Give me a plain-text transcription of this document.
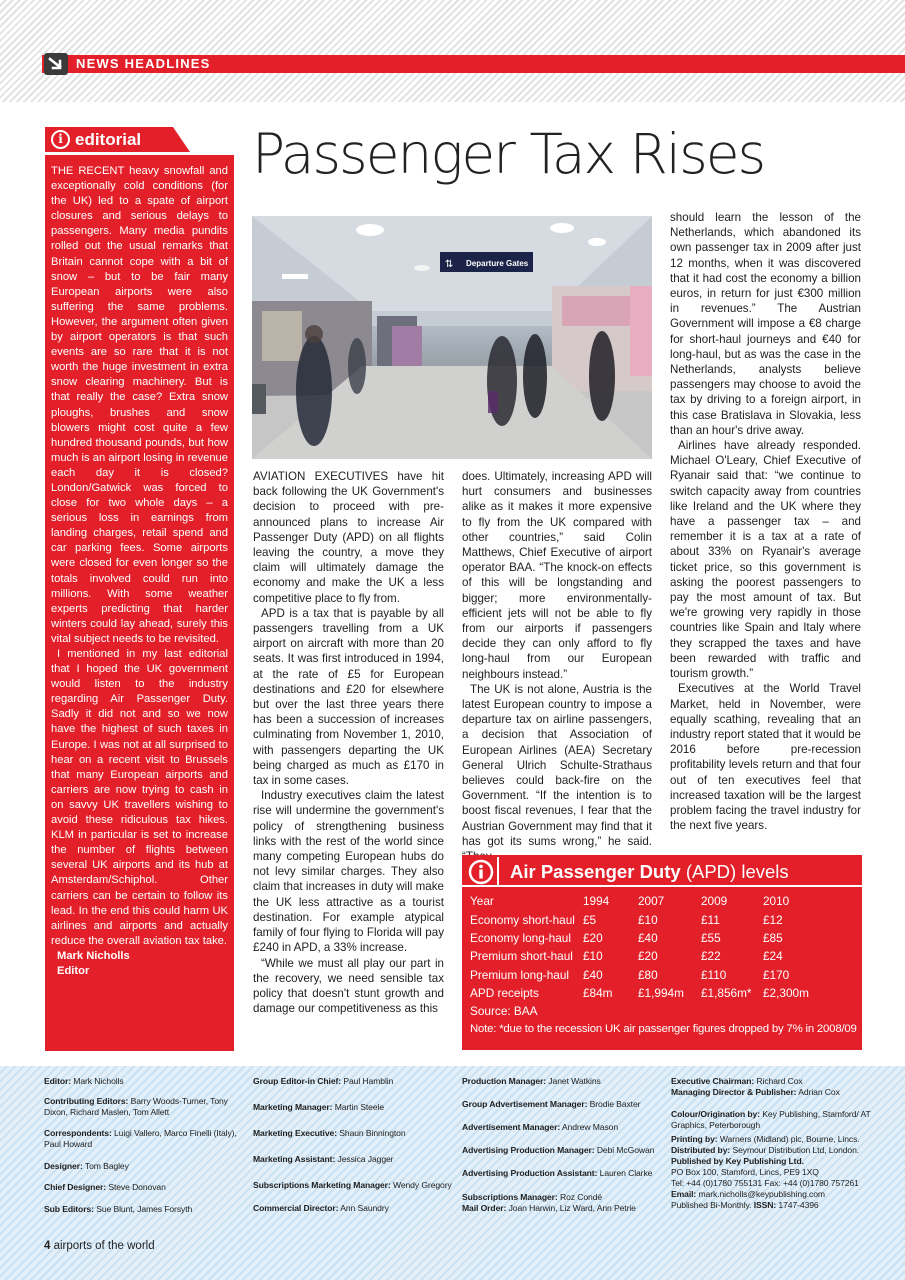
NEWS HEADLINES
i editorial

THE RECENT heavy snowfall and exceptionally cold conditions (for the UK) led to a spate of airport closures and serious delays to passengers. Many media pundits rolled out the usual remarks that Britain cannot cope with a bit of snow – but to be fair many European airports were also suffering the same problems. However, the argument often given by airport operators is that such events are so rare that it is not worth the huge investment in extra snow clearing machinery. But is that really the case? Extra snow ploughs, brushes and snow blowers might cost quite a few hundred thousand pounds, but how much is an airport losing in revenue each day it is closed? London/Gatwick was forced to close for two whole days – a serious loss in earnings from landing charges, retail spend and car parking fees. Some airports were closed for even longer so the totals involved could run into millions. With some weather experts predicting that harder winters could lay ahead, surely this vital subject needs to be revisited.

I mentioned in my last editorial that I hoped the UK government would listen to the industry regarding Air Passenger Duty. Sadly it did not and so we now have the highest of such taxes in Europe. I was not at all surprised to hear on a recent visit to Brussels that many European airports and carriers are now trying to cash in on savvy UK travellers wishing to avoid these ridiculous tax hikes. KLM in particular is set to increase the number of flights between several UK airports and its hub at Amsterdam/Schiphol. Other carriers can be certain to follow its lead. In the end this could harm UK airlines and airports and actually reduce the overall aviation tax take.

Mark Nicholls
Editor
Passenger Tax Rises
Departure Gates
⇅

AVIATION EXECUTIVES have hit back following the UK Government's decision to proceed with pre-announced plans to increase Air Passenger Duty (APD) on all flights leaving the country, a move they claim will ultimately damage the economy and make the UK a less competitive place to fly from.

APD is a tax that is payable by all passengers travelling from a UK airport on aircraft with more than 20 seats. It was first introduced in 1994, at the rate of £5 for European destinations and £20 for elsewhere but over the last three years there has been a succession of increases culminating from November 1, 2010, with passengers departing the UK being charged as much as £170 in tax in some cases.

Industry executives claim the latest rise will undermine the government's policy of strengthening business links with the rest of the world since many competing European hubs do not levy similar charges. They also claim that increases in duty will make the UK less attractive as a tourist destination. For example atypical family of four flying to Florida will pay £240 in APD, a 33% increase.

“While we must all play our part in the recovery, we need sensible tax policy that doesn't stunt growth and damage our competitiveness as this

does. Ultimately, increasing APD will hurt consumers and businesses alike as it makes it more expensive to fly from the UK compared with other countries,” said Colin Matthews, Chief Executive of airport operator BAA. “The knock-on effects of this will be longstanding and bigger; more environmentally-efficient jets will not be able to fly from our airports if passengers decide they can only afford to fly long-haul from our European neighbours instead.”

The UK is not alone, Austria is the latest European country to impose a departure tax on airline passengers, a decision that Association of European Airlines (AEA) Secretary General Ulrich Schulte-Strathaus believes could back-fire on the Government. “If the intention is to boost fiscal revenues, I fear that the Austrian Government may find that it has got its sums wrong,” he said.

should learn the lesson of the Netherlands, which abandoned its own passenger tax in 2009 after just 12 months, when it was discovered that it had cost the economy a billion euros, in return for just €300 million in revenues.” The Austrian Government will impose a €8 charge for short-haul journeys and €40 for long-haul, but as was the case in the Netherlands, analysts believe passengers may choose to avoid the tax by driving to a foreign airport, in this case Bratislava in Slovakia, less than an hour's drive away.

Airlines have already responded. Michael O'Leary, Chief Executive of Ryanair said that: “we continue to switch capacity away from countries like Ireland and the UK where they have a passenger tax – and remember it is a tax at a rate of about 33% on Ryanair's average ticket price, so this government is asking the poorest passengers to pay the most amount of tax. But we're growing very rapidly in those countries like Spain and Italy where they scrapped the taxes and have been rewarded with traffic and tourism growth.”

Executives at the World Travel Market, held in November, were equally scathing, revealing that an industry report stated that it would be 2016 before pre-recession profitability levels return and that four out of ten executives feel that increased taxation will be the largest problem facing the travel industry for the next five years.

Air Passenger Duty (APD) levels
Year	1994	2007	2009	2010
Economy short-haul	£5	£10	£11	£12
Economy long-haul	£20	£40	£55	£85
Premium short-haul	£10	£20	£22	£24
Premium long-haul	£40	£80	£110	£170
APD receipts	£84m	£1,994m	£1,856m*	£2,300m
Source: BAA
Note: *due to the recession UK air passenger figures dropped by 7% in 2008/09
Editor: Mark Nicholls
Contributing Editors: Barry Woods-Turner, Tony Dixon, Richard Maslen, Tom Allett
Correspondents: Luigi Vallero, Marco Finelli (Italy), Paul Howard
Designer: Tom Bagley
Chief Designer: Steve Donovan
Sub Editors: Sue Blunt, James Forsyth
Group Editor-in Chief: Paul Hamblin
Marketing Manager: Martin Steele
Marketing Executive: Shaun Binnington
Marketing Assistant: Jessica Jagger
Subscriptions Marketing Manager: Wendy Gregory
Commercial Director: Ann Saundry
Production Manager: Janet Watkins
Group Advertisement Manager: Brodie Baxter
Advertisement Manager: Andrew Mason
Advertising Production Manager: Debi McGowan
Advertising Production Assistant: Lauren Clarke
Subscriptions Manager: Roz Condé
Mail Order: Joan Harwin, Liz Ward, Ann Petrie
Executive Chairman: Richard Cox
Managing Director & Publisher: Adrian Cox
Colour/Origination by: Key Publishing, Stamford/ AT Graphics, Peterborough
Printing by: Warners (Midland) plc, Bourne, Lincs.
Distributed by: Seymour Distribution Ltd, London.
Published by Key Publishing Ltd.
PO Box 100, Stamford, Lincs, PE9 1XQ
Tel: +44 (0)1780 755131 Fax: +44 (0)1780 757261
Email: mark.nicholls@keypublishing.com
Published Bi-Monthly. ISSN: 1747-4396
4 airports of the world
